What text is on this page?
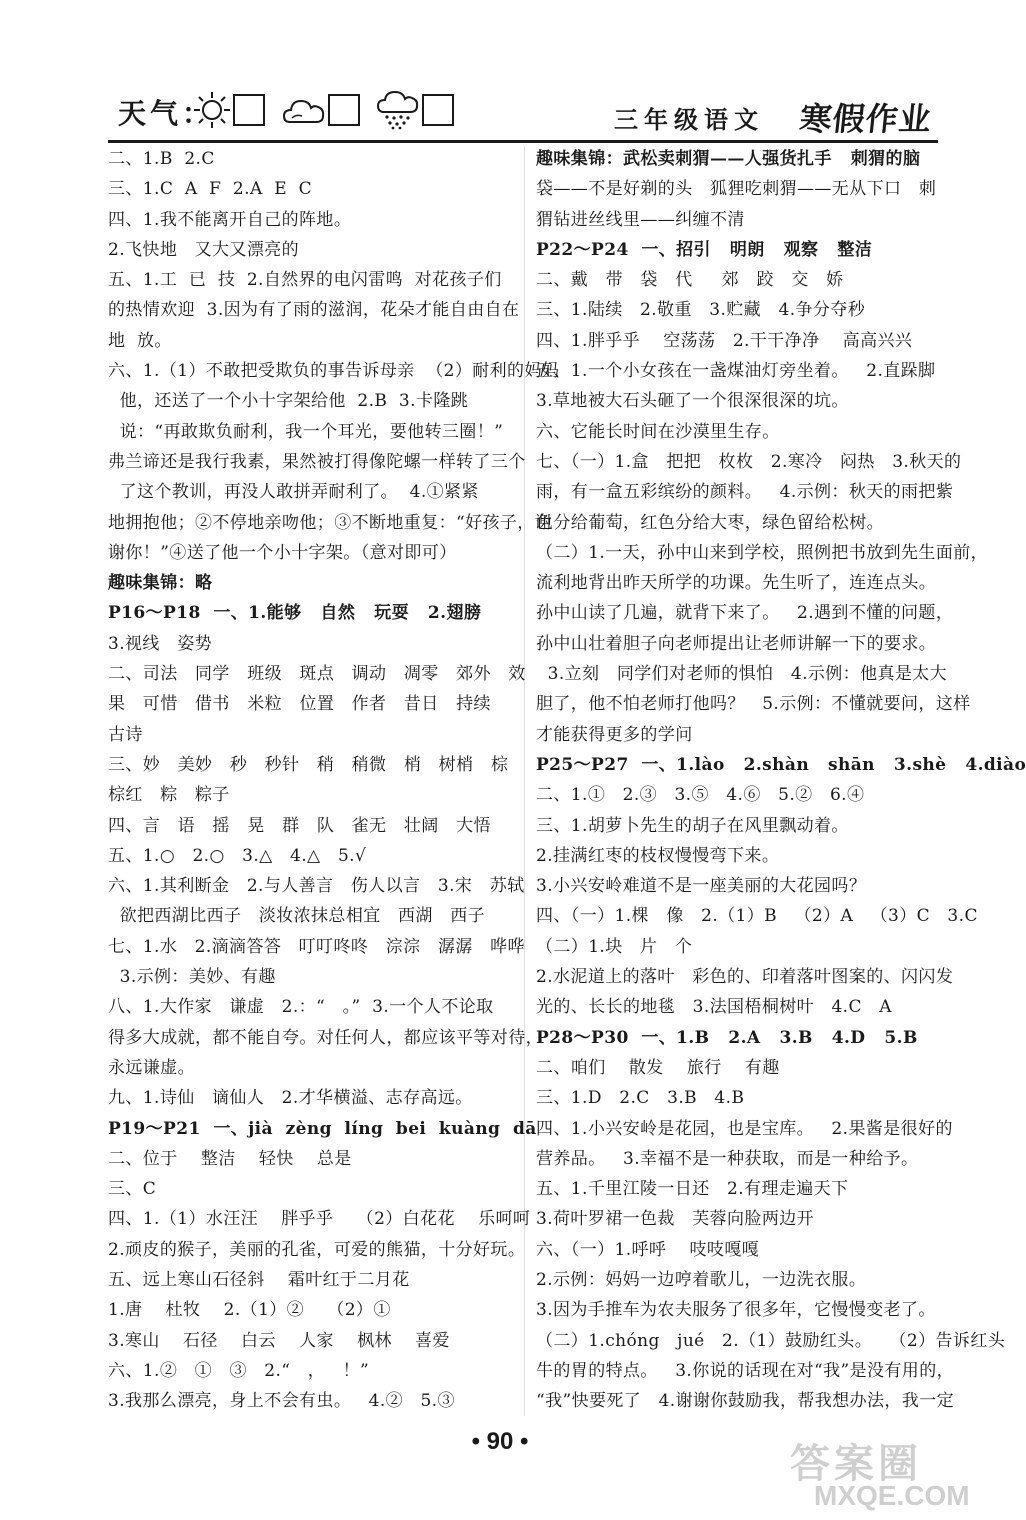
天气：	三年级语文 寒假作业
二、1.B  2.C
三、1.C  A  F  2.A  E  C
四、1.我不能离开自己的阵地。
2.飞快地   又大又漂亮的
五、1.工  已  技  2.自然界的电闪雷鸣  对花孩子们
的热情欢迎  3.因为有了雨的滋润，花朵才能自由自在
地  放。
六、1.（1）不敢把受欺负的事告诉母亲  （2）耐利的妈妈
他，还送了一个小十字架给他  2.B  3.卡隆跳
说：“再敢欺负耐利，我一个耳光，要他转三圈！”
弗兰谛还是我行我素，果然被打得像陀螺一样转了三个
了这个教训，再没人敢拼弄耐利了。  4.①紧紧
地拥抱他；②不停地亲吻他；③不断地重复：“好孩子，谢
谢你！”④送了他一个小十字架。（意对即可）
趣味集锦：略
P16～P18  一、1.能够   自然   玩耍   2.翅膀
3.视线   姿势
二、司法   同学   班级   斑点   调动   凋零   郊外   效
果   可惜   借书   米粒   位置   作者   昔日   持续
古诗
三、妙   美妙   秒   秒针   稍   稍微   梢   树梢   棕
棕红   粽   粽子
四、言   语   摇   晃   群   队   雀无   壮阔   大悟
五、1.○   2.○   3.△   4.△   5.√
六、1.其利断金   2.与人善言   伤人以言   3.宋   苏轼
欲把西湖比西子   淡妆浓抹总相宜   西湖   西子
七、1.水   2.滴滴答答   叮叮咚咚   淙淙   潺潺   哗哗
3.示例：美妙、有趣
八、1.大作家   谦虚   2.：“   。”  3.一个人不论取
得多大成就，都不能自夸。对任何人，都应该平等对待，
永远谦虚。
九、1.诗仙   谪仙人   2.才华横溢、志存高远。
P19～P21  一、jià  zèng  líng  bei  kuàng  dā
二、位于    整洁    轻快    总是
三、C
四、1.（1）水汪汪    胖乎乎    （2）白花花    乐呵呵
2.顽皮的猴子，美丽的孔雀，可爱的熊猫，十分好玩。
五、远上寒山石径斜    霜叶红于二月花
1.唐    杜牧    2.（1）②    （2）①
3.寒山    石径    白云    人家    枫林    喜爱
六、1.②   ①   ③   2.“   ，   ！”
3.我那么漂亮，身上不会有虫。   4.②   5.③
趣味集锦：武松卖刺猬——人强货扎手   刺猬的脑
袋——不是好剃的头   狐狸吃刺猬——无从下口   刺
猬钻进丝线里——纠缠不清
P22～P24  一、招引   明朗   观察   整洁
二、戴   带   袋   代     郊   跤   交   娇
三、1.陆续   2.敬重   3.贮藏   4.争分夺秒
四、1.胖乎乎    空荡荡   2.干干净净    高高兴兴
五、1.一个小女孩在一盏煤油灯旁坐着。   2.直跺脚
3.草地被大石头砸了一个很深很深的坑。
六、它能长时间在沙漠里生存。
七、（一）1.盒   把把   枚枚   2.寒冷   闷热   3.秋天的
雨，有一盒五彩缤纷的颜料。   4.示例：秋天的雨把紫
色分给葡萄，红色分给大枣，绿色留给松树。
（二）1.一天，孙中山来到学校，照例把书放到先生面前，
流利地背出昨天所学的功课。先生听了，连连点头。
孙中山读了几遍，就背下来了。   2.遇到不懂的问题，
孙中山壮着胆子向老师提出让老师讲解一下的要求。
3.立刻   同学们对老师的惧怕   4.示例：他真是太大
胆了，他不怕老师打他吗？   5.示例：不懂就要问，这样
才能获得更多的学问
P25～P27  一、1.lào   2.shàn   shān   3.shè   4.diào
二、1.①   2.③   3.⑤   4.⑥   5.②   6.④
三、1.胡萝卜先生的胡子在风里飘动着。
2.挂满红枣的枝杈慢慢弯下来。
3.小兴安岭难道不是一座美丽的大花园吗？
四、（一）1.棵   像   2.（1）B   （2）A   （3）C   3.C
（二）1.块   片   个
2.水泥道上的落叶   彩色的、印着落叶图案的、闪闪发
光的、长长的地毯   3.法国梧桐树叶   4.C   A
P28～P30  一、1.B   2.A   3.B   4.D   5.B
二、咱们    散发    旅行    有趣
三、1.D   2.C   3.B   4.B
四、1.小兴安岭是花园，也是宝库。   2.果酱是很好的
营养品。   3.幸福不是一种获取，而是一种给予。
五、1.千里江陵一日还   2.有理走遍天下
3.荷叶罗裙一色裁   芙蓉向脸两边开
六、（一）1.呼呼    吱吱嘎嘎
2.示例：妈妈一边哼着歌儿，一边洗衣服。
3.因为手推车为农夫服务了很多年，它慢慢变老了。
（二）1.chóng   jué   2.（1）鼓励红头。   （2）告诉红头
牛的胃的特点。   3.你说的话现在对“我”是没有用的，
“我”快要死了   4.谢谢你鼓励我，帮我想办法，我一定
• 90 •	答案圈
MXQE.COM
